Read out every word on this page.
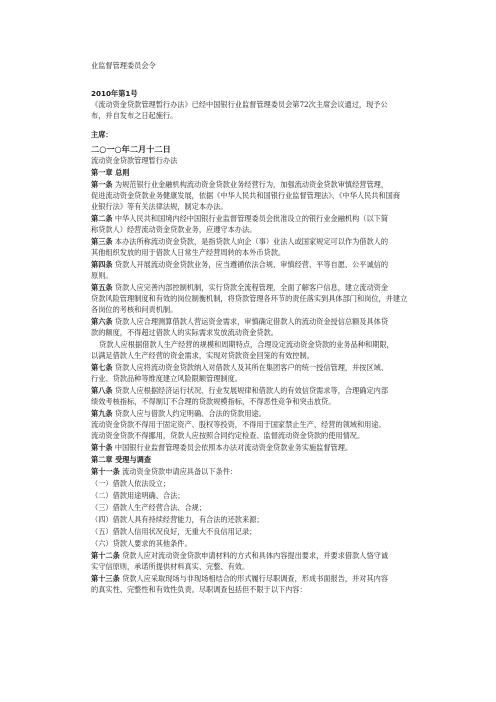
业监督管理委员会令
2010年第1号
《流动资金贷款管理暂行办法》已经中国银行业监督管理委员会第72次主席会议通过，现予公
布，并自发布之日起施行。
主席：
二○一○年二月十二日
流动资金贷款管理暂行办法
第一章 总则
第一条 为规范银行业金融机构流动资金贷款业务经营行为，加强流动资金贷款审慎经营管理，
促进流动资金贷款业务健康发展，依据《中华人民共和国银行业监督管理法》、《中华人民共和国商
业银行法》等有关法律法规，制定本办法。
第二条 中华人民共和国境内经中国银行业监督管理委员会批准设立的银行业金融机构（以下简
称贷款人）经营流动资金贷款业务，应遵守本办法。
第三条 本办法所称流动资金贷款，是指贷款人向企（事）业法人或国家规定可以作为借款人的
其他组织发放的用于借款人日常生产经营周转的本外币贷款。
第四条 贷款人开展流动资金贷款业务，应当遵循依法合规、审慎经营、平等自愿、公平诚信的
原则。
第五条 贷款人应完善内部控制机制，实行贷款全流程管理，全面了解客户信息，建立流动资金
贷款风险管理制度和有效的岗位制衡机制，将贷款管理各环节的责任落实到具体部门和岗位，并建立
各岗位的考核和问责机制。
第六条 贷款人应合理测算借款人营运资金需求，审慎确定借款人的流动资金授信总额及具体贷
款的额度，不得超过借款人的实际需求发放流动资金贷款。
贷款人应根据借款人生产经营的规模和周期特点，合理设定流动资金贷款的业务品种和期限，
以满足借款人生产经营的资金需求，实现对贷款资金回笼的有效控制。
第七条 贷款人应将流动资金贷款纳入对借款人及其所在集团客户的统一授信管理，并按区域、
行业、贷款品种等维度建立风险限额管理制度。
第八条 贷款人应根据经济运行状况、行业发展规律和借款人的有效信贷需求等，合理确定内部
绩效考核指标，不得制订不合理的贷款规模指标，不得恶性竞争和突击放贷。
第九条 贷款人应与借款人约定明确、合法的贷款用途。
流动资金贷款不得用于固定资产、股权等投资，不得用于国家禁止生产、经营的领域和用途。
流动资金贷款不得挪用，贷款人应按照合同约定检查、监督流动资金贷款的使用情况。
第十条 中国银行业监督管理委员会依照本办法对流动资金贷款业务实施监督管理。
第二章 受理与调查
第十一条 流动资金贷款申请应具备以下条件：
（一）借款人依法设立；
（二）借款用途明确、合法；
（三）借款人生产经营合法、合规；
（四）借款人具有持续经营能力，有合法的还款来源；
（五）借款人信用状况良好，无重大不良信用记录；
（六）贷款人要求的其他条件。
第十二条 贷款人应对流动资金贷款申请材料的方式和具体内容提出要求，并要求借款人恪守诚
实守信原则，承诺所提供材料真实、完整、有效。
第十三条 贷款人应采取现场与非现场相结合的形式履行尽职调查，形成书面报告，并对其内容
的真实性、完整性和有效性负责。尽职调查包括但不限于以下内容：
